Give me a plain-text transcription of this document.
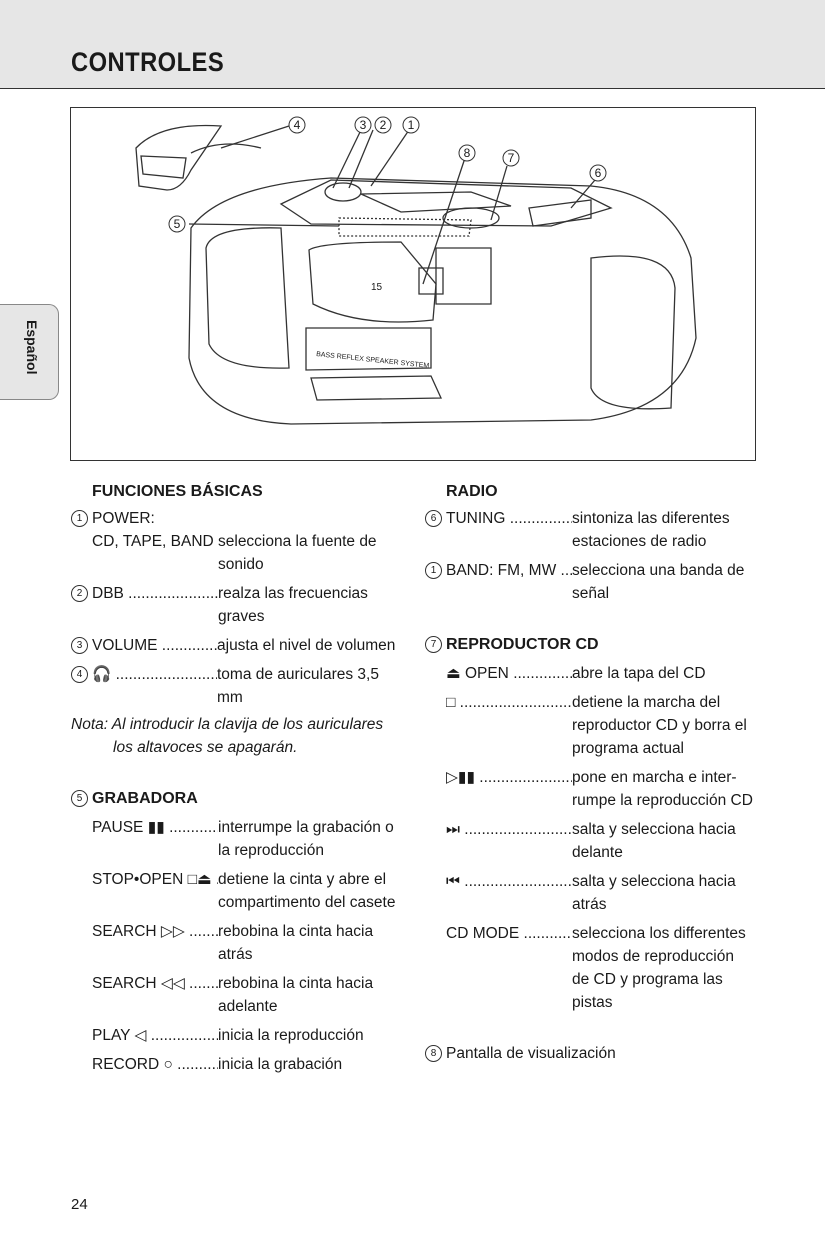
CONTROLES
Español
4	3 2 1
8	7
6
5
15
BASS REFLEX SPEAKER SYSTEM
FUNCIONES BÁSICAS
1 POWER:
CD, TAPE, BAND ..... selecciona la fuente de sonido
2 DBB .....	realza las frecuencias graves
3 VOLUME .....	ajusta el nivel de volumen
4 🎧 .....	toma de auriculares 3,5 mm
Nota: Al introducir la clavija de los auriculares
los altavoces se apagarán.
5 GRABADORA
PAUSE ▮▮ .....	interrumpe la grabación o la reproducción
STOP•OPEN □⏏ ..... detiene la cinta y abre el compartimento del casete
SEARCH ▷▷ .....	rebobina la cinta hacia atrás
SEARCH ◁◁ .....	rebobina la cinta hacia adelante
PLAY ◁ .....	inicia la reproducción
RECORD ○ .....	inicia la grabación
RADIO
6 TUNING .....	sintoniza las diferentes estaciones de radio
1 BAND: FM, MW .....	selecciona una banda de señal
7 REPRODUCTOR CD
⏏ OPEN .....	abre la tapa del CD
□ .....	detiene la marcha del reproductor CD y borra el programa actual
▷▮▮ .....	pone en marcha e inter-rumpe la reproducción CD
⏭ .....	salta y selecciona hacia delante
⏮ .....	salta y selecciona hacia atrás
CD MODE .....	selecciona los differentes modos de reproducción de CD y programa las pistas
8 Pantalla de visualización
24
